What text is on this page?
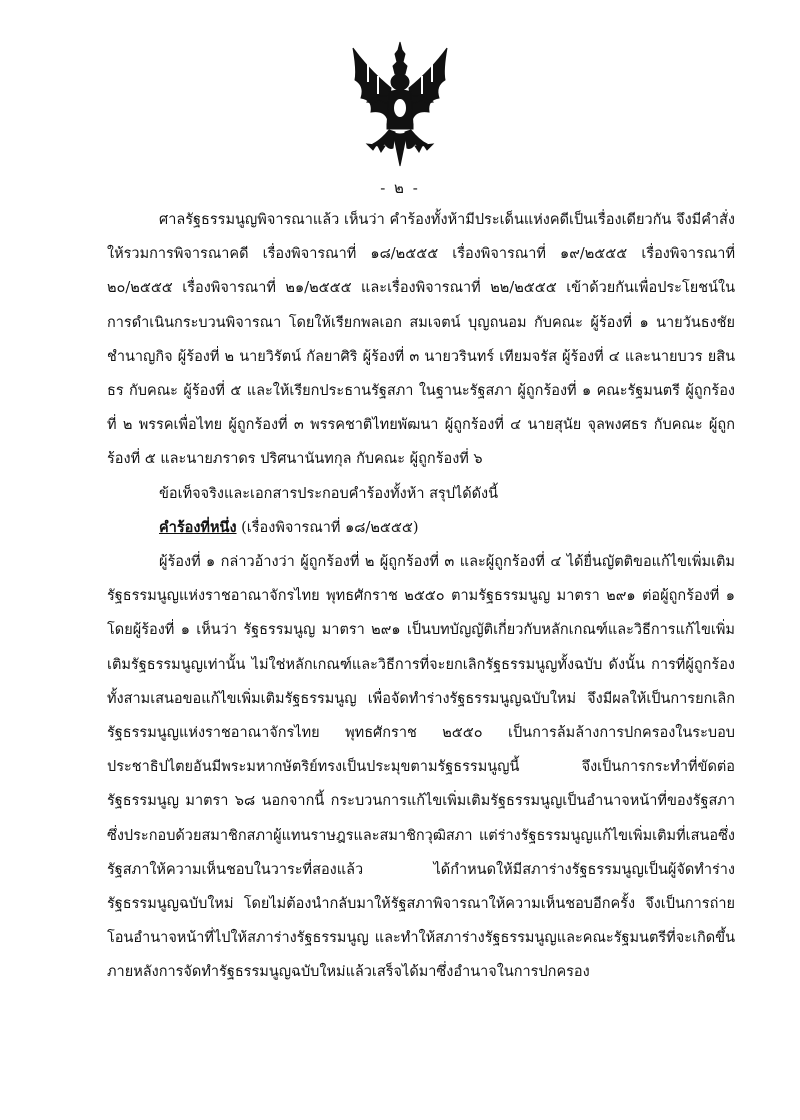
- ๒ -

ศาลรัฐธรรมนูญพิจารณาแล้ว เห็นว่า คำร้องทั้งห้ามีประเด็นแห่งคดีเป็นเรื่องเดียวกัน จึงมีคำสั่งให้รวมการพิจารณาคดี เรื่องพิจารณาที่ ๑๘/๒๕๕๕ เรื่องพิจารณาที่ ๑๙/๒๕๕๕ เรื่องพิจารณาที่ ๒๐/๒๕๕๕ เรื่องพิจารณาที่ ๒๑/๒๕๕๕ และเรื่องพิจารณาที่ ๒๒/๒๕๕๕ เข้าด้วยกันเพื่อประโยชน์ในการดำเนินกระบวนพิจารณา โดยให้เรียกพลเอก สมเจตน์ บุญถนอม กับคณะ ผู้ร้องที่ ๑ นายวันธงชัย ชำนาญกิจ ผู้ร้องที่ ๒ นายวิรัตน์ กัลยาศิริ ผู้ร้องที่ ๓ นายวรินทร์ เทียมจรัส ผู้ร้องที่ ๔ และนายบวร ยสินธร กับคณะ ผู้ร้องที่ ๕ และให้เรียกประธานรัฐสภา ในฐานะรัฐสภา ผู้ถูกร้องที่ ๑ คณะรัฐมนตรี ผู้ถูกร้องที่ ๒ พรรคเพื่อไทย ผู้ถูกร้องที่ ๓ พรรคชาติไทยพัฒนา ผู้ถูกร้องที่ ๔ นายสุนัย จุลพงศธร กับคณะ ผู้ถูกร้องที่ ๕ และนายภราดร ปริศนานันทกุล กับคณะ ผู้ถูกร้องที่ ๖

ข้อเท็จจริงและเอกสารประกอบคำร้องทั้งห้า สรุปได้ดังนี้

คำร้องที่หนึ่ง (เรื่องพิจารณาที่ ๑๘/๒๕๕๕)

ผู้ร้องที่ ๑ กล่าวอ้างว่า ผู้ถูกร้องที่ ๒ ผู้ถูกร้องที่ ๓ และผู้ถูกร้องที่ ๔ ได้ยื่นญัตติขอแก้ไขเพิ่มเติมรัฐธรรมนูญแห่งราชอาณาจักรไทย พุทธศักราช ๒๕๕๐ ตามรัฐธรรมนูญ มาตรา ๒๙๑ ต่อผู้ถูกร้องที่ ๑ โดยผู้ร้องที่ ๑ เห็นว่า รัฐธรรมนูญ มาตรา ๒๙๑ เป็นบทบัญญัติเกี่ยวกับหลักเกณฑ์และวิธีการแก้ไขเพิ่มเติมรัฐธรรมนูญเท่านั้น ไม่ใช่หลักเกณฑ์และวิธีการที่จะยกเลิกรัฐธรรมนูญทั้งฉบับ ดังนั้น การที่ผู้ถูกร้องทั้งสามเสนอขอแก้ไขเพิ่มเติมรัฐธรรมนูญ เพื่อจัดทำร่างรัฐธรรมนูญฉบับใหม่ จึงมีผลให้เป็นการยกเลิกรัฐธรรมนูญแห่งราชอาณาจักรไทย พุทธศักราช ๒๕๕๐ เป็นการล้มล้างการปกครองในระบอบประชาธิปไตยอันมีพระมหากษัตริย์ทรงเป็นประมุขตามรัฐธรรมนูญนี้ จึงเป็นการกระทำที่ขัดต่อรัฐธรรมนูญ มาตรา ๖๘ นอกจากนี้ กระบวนการแก้ไขเพิ่มเติมรัฐธรรมนูญเป็นอำนาจหน้าที่ของรัฐสภาซึ่งประกอบด้วยสมาชิกสภาผู้แทนราษฎรและสมาชิกวุฒิสภา แต่ร่างรัฐธรรมนูญแก้ไขเพิ่มเติมที่เสนอซึ่งรัฐสภาให้ความเห็นชอบในวาระที่สองแล้ว ได้กำหนดให้มีสภาร่างรัฐธรรมนูญเป็นผู้จัดทำร่างรัฐธรรมนูญฉบับใหม่ โดยไม่ต้องนำกลับมาให้รัฐสภาพิจารณาให้ความเห็นชอบอีกครั้ง จึงเป็นการถ่ายโอนอำนาจหน้าที่ไปให้สภาร่างรัฐธรรมนูญ และทำให้สภาร่างรัฐธรรมนูญและคณะรัฐมนตรีที่จะเกิดขึ้นภายหลังการจัดทำรัฐธรรมนูญฉบับใหม่แล้วเสร็จได้มาซึ่งอำนาจในการปกครอง
